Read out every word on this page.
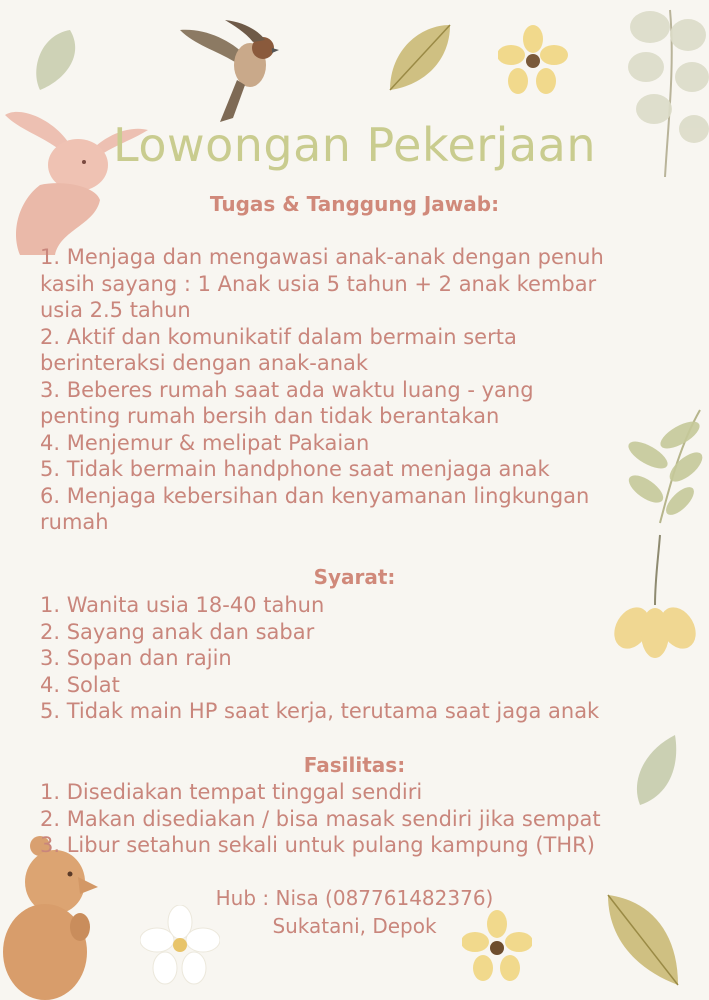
Lowongan Pekerjaan
Tugas & Tanggung Jawab:
1. Menjaga dan mengawasi anak-anak dengan penuh
kasih sayang : 1 Anak usia 5 tahun + 2 anak kembar
usia 2.5 tahun
2. Aktif dan komunikatif dalam bermain serta
berinteraksi dengan anak-anak
3. Beberes rumah saat ada waktu luang - yang
penting rumah bersih dan tidak berantakan
4. Menjemur & melipat Pakaian
5. Tidak bermain handphone saat menjaga anak
6. Menjaga kebersihan dan kenyamanan lingkungan
rumah
Syarat:
1. Wanita usia 18-40 tahun
2. Sayang anak dan sabar
3. Sopan dan rajin
4. Solat
5. Tidak main HP saat kerja, terutama saat jaga anak
Fasilitas:
1. Disediakan tempat tinggal sendiri
2. Makan disediakan / bisa masak sendiri jika sempat
3. Libur setahun sekali untuk pulang kampung (THR)
Hub : Nisa (087761482376)
Sukatani, Depok
